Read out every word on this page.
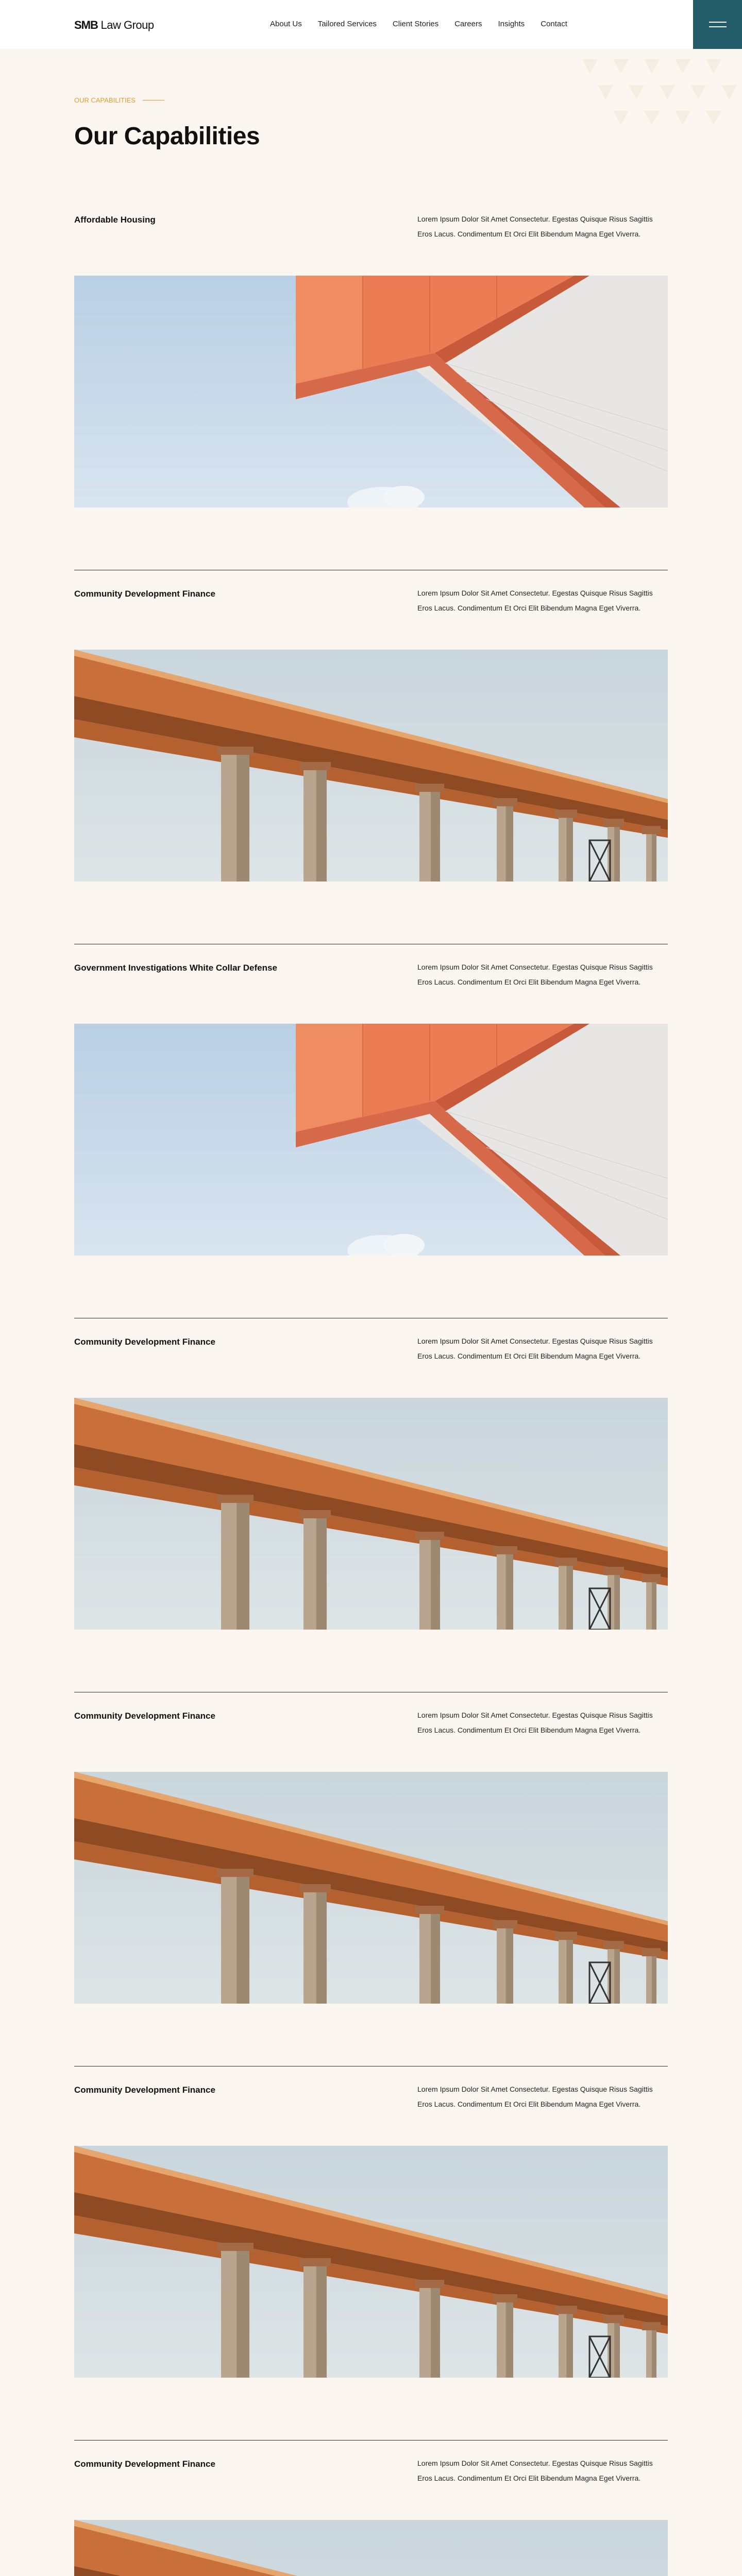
SMB Law Group	About Us Tailored Services Client Stories Careers Insights Contact
OUR CAPABILITIES
Our Capabilities
Affordable Housing	Lorem Ipsum Dolor Sit Amet Consectetur. Egestas Quisque Risus Sagittis Eros Lacus. Condimentum Et Orci Elit Bibendum Magna Eget Viverra.

Community Development Finance	Lorem Ipsum Dolor Sit Amet Consectetur. Egestas Quisque Risus Sagittis Eros Lacus. Condimentum Et Orci Elit Bibendum Magna Eget Viverra.

Government Investigations White Collar Defense	Lorem Ipsum Dolor Sit Amet Consectetur. Egestas Quisque Risus Sagittis Eros Lacus. Condimentum Et Orci Elit Bibendum Magna Eget Viverra.

Community Development Finance	Lorem Ipsum Dolor Sit Amet Consectetur. Egestas Quisque Risus Sagittis Eros Lacus. Condimentum Et Orci Elit Bibendum Magna Eget Viverra.

Community Development Finance	Lorem Ipsum Dolor Sit Amet Consectetur. Egestas Quisque Risus Sagittis Eros Lacus. Condimentum Et Orci Elit Bibendum Magna Eget Viverra.

Community Development Finance	Lorem Ipsum Dolor Sit Amet Consectetur. Egestas Quisque Risus Sagittis Eros Lacus. Condimentum Et Orci Elit Bibendum Magna Eget Viverra.

Community Development Finance	Lorem Ipsum Dolor Sit Amet Consectetur. Egestas Quisque Risus Sagittis Eros Lacus. Condimentum Et Orci Elit Bibendum Magna Eget Viverra.
